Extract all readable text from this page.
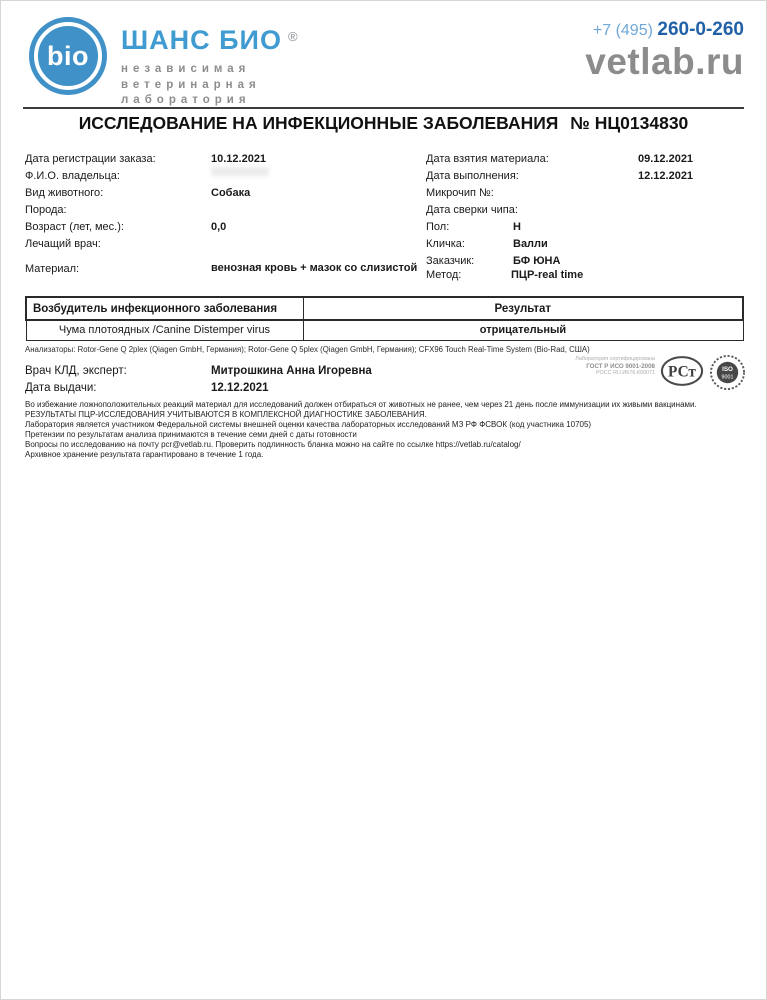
bio
ШАНС БИО ®
независимая
ветеринарная
лаборатория
+7 (495) 260-0-260
vetlab.ru
ИССЛЕДОВАНИЕ НА ИНФЕКЦИОННЫЕ ЗАБОЛЕВАНИЯ № НЦ0134830
Дата регистрации заказа:	10.12.2021
Ф.И.О. владельца:
Вид животного:	Собака
Порода:
Возраст (лет, мес.):	0,0
Лечащий врач:
Дата взятия материала:	09.12.2021
Дата выполнения:	12.12.2021
Микрочип №:
Дата сверки чипа:
Пол:	Н
Кличка:	Валли
Заказчик:	БФ ЮНА
Материал:	венозная кровь + мазок со слизистой
Метод:	ПЦР-real time
Возбудитель инфекционного заболевания	Результат
Чума плотоядных /Canine Distemper virus	отрицательный
Анализаторы: Rotor-Gene Q 2plex (Qiagen GmbH, Германия); Rotor-Gene Q 5plex (Qiagen GmbH, Германия); CFX96 Touch Real-Time System (Bio-Rad, США)
Врач КЛД, эксперт:	Митрошкина Анна Игоревна
Дата выдачи:	12.12.2021
Лаборатория сертифицирована
ГОСТ Р ИСО 9001-2008
РОСС RU.ИК76.К00071 РСт	ISO
9001

Во избежание ложноположительных реакций материал для исследований должен отбираться от животных не ранее, чем через 21 день после иммунизации их живыми вакцинами.

РЕЗУЛЬТАТЫ ПЦР-ИССЛЕДОВАНИЯ УЧИТЫВАЮТСЯ В КОМПЛЕКСНОЙ ДИАГНОСТИКЕ ЗАБОЛЕВАНИЯ.

Лаборатория является участником Федеральной системы внешней оценки качества лабораторных исследований МЗ РФ ФСВОК (код участника 10705)

Претензии по результатам анализа принимаются в течение семи дней с даты готовности

Вопросы по исследованию на почту pcr@vetlab.ru. Проверить подлинность бланка можно на сайте по ссылке https://vetlab.ru/catalog/

Архивное хранение результата гарантировано в течение 1 года.
